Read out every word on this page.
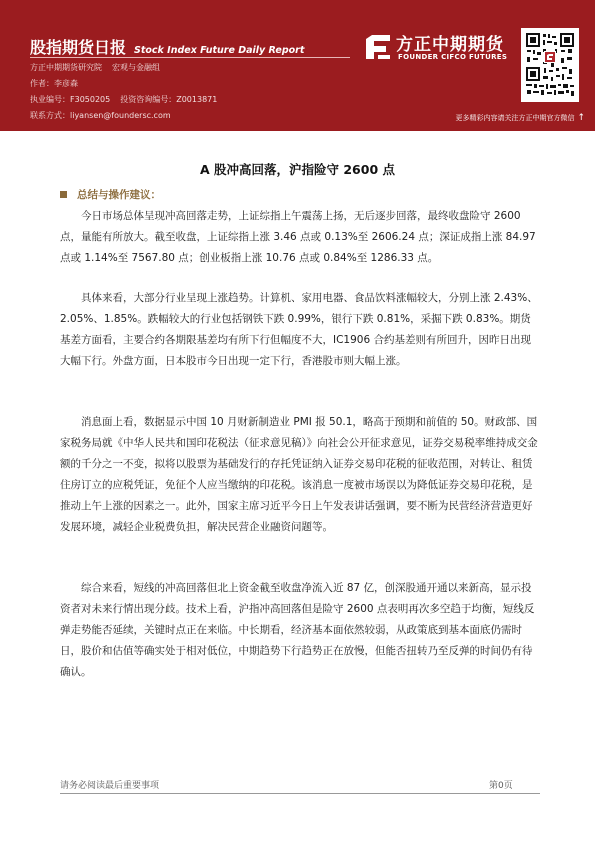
股指期货日报 Stock Index Future Daily Report
方正中期期货研究院 宏观与金融组
作者：李彦森
执业编号：F3050205 投资咨询编号：Z0013871
联系方式：liyansen@foundersc.com
方正中期期货
FOUNDER CIFCO FUTURES
更多精彩内容请关注方正中期官方微信 ↑
A 股冲高回落，沪指险守 2600 点
总结与操作建议：

今日市场总体呈现冲高回落走势，上证综指上午震荡上扬，无后逐步回落，最终收盘险守 2600 点，量能有所放大。截至收盘，上证综指上涨 3.46 点或 0.13%至 2606.24 点；深证成指上涨 84.97 点或 1.14%至 7567.80 点；创业板指上涨 10.76 点或 0.84%至 1286.33 点。

具体来看，大部分行业呈现上涨趋势。计算机、家用电器、食品饮料涨幅较大，分别上涨 2.43%、2.05%、1.85%。跌幅较大的行业包括钢铁下跌 0.99%，银行下跌 0.81%，采掘下跌 0.83%。期货基差方面看，主要合约各期限基差均有所下行但幅度不大，IC1906 合约基差则有所回升，因昨日出现大幅下行。外盘方面，日本股市今日出现一定下行，香港股市则大幅上涨。

消息面上看，数据显示中国 10 月财新制造业 PMI 报 50.1，略高于预期和前值的 50。财政部、国家税务局就《中华人民共和国印花税法（征求意见稿）》向社会公开征求意见，证券交易税率维持成交金额的千分之一不变，拟将以股票为基础发行的存托凭证纳入证券交易印花税的征收范围，对转让、租赁住房订立的应税凭证，免征个人应当缴纳的印花税。该消息一度被市场误以为降低证券交易印花税，是推动上午上涨的因素之一。此外，国家主席习近平今日上午发表讲话强调，要不断为民营经济营造更好发展环境，减轻企业税费负担，解决民营企业融资问题等。

综合来看，短线的冲高回落但北上资金截至收盘净流入近 87 亿，创深股通开通以来新高，显示投资者对未来行情出现分歧。技术上看，沪指冲高回落但是险守 2600 点表明再次多空趋于均衡，短线反弹走势能否延续，关键时点正在来临。中长期看，经济基本面依然较弱，从政策底到基本面底仍需时日，股价和估值等确实处于相对低位，中期趋势下行趋势正在放慢，但能否扭转乃至反弹的时间仍有待确认。

请务必阅读最后重要事项	第0页
